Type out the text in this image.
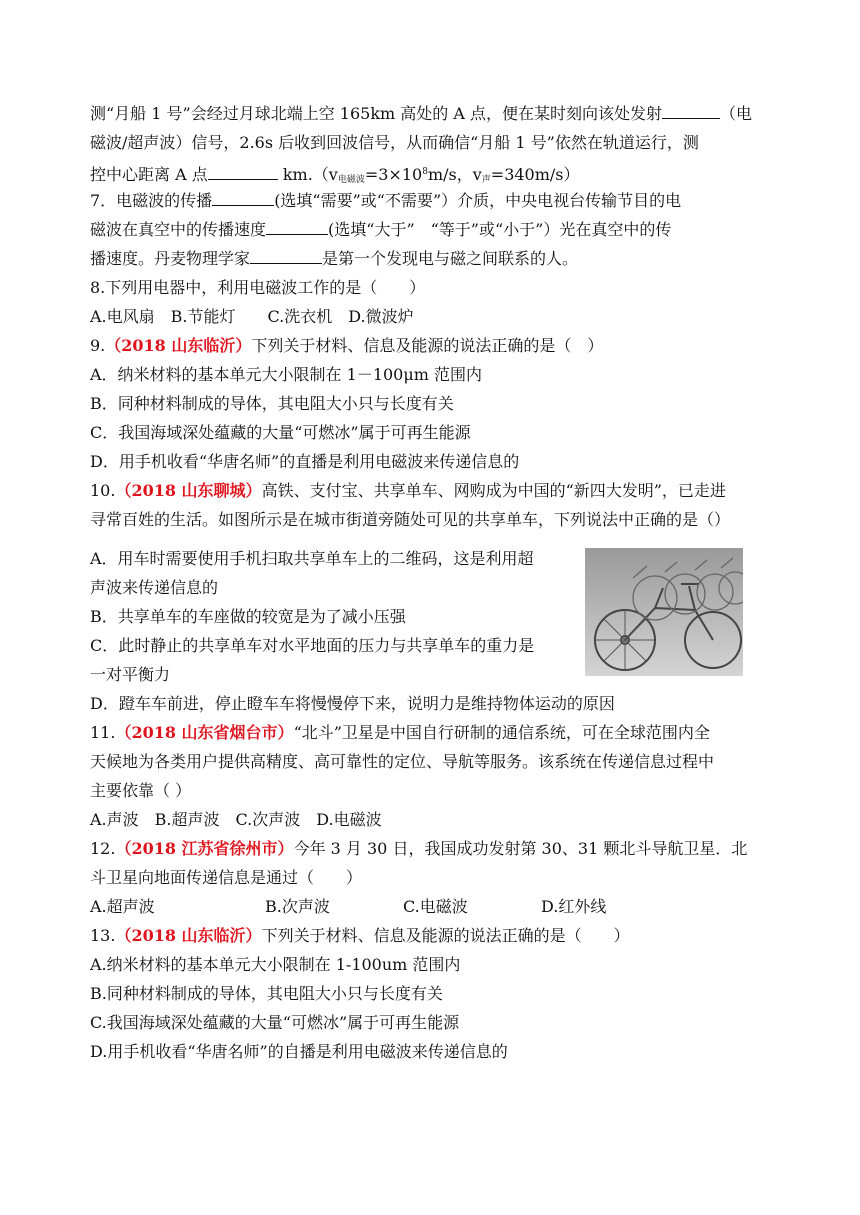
测“月船 1 号”会经过月球北端上空 165km 高处的 A 点，便在某时刻向该处发射	（电
磁波/超声波）信号，2.6s 后收到回波信号，从而确信“月船 1 号”依然在轨道运行，测
控中心距离 A 点	$km.(v_{电磁波}=3\times 10^8m/s$，$v_声=340m/s$）
7．电磁波的传播	(选填“需要”或“不需要”）介质，中央电视台传输节目的电
磁波在真空中的传播速度	(选填“大于”　“等于”或“小于”）光在真空中的传
播速度。丹麦物理学家	是第一个发现电与磁之间联系的人。
8.下列用电器中，利用电磁波工作的是（　　）
A.电风扇　B.节能灯　　C.洗衣机　D.微波炉
9.（2018 山东临沂）下列关于材料、信息及能源的说法正确的是（　）
A．纳米材料的基本单元大小限制在 1－100μm 范围内
B．同种材料制成的导体，其电阻大小只与长度有关
C．我国海域深处蕴藏的大量“可燃冰”属于可再生能源
D．用手机收看“华唐名师”的直播是利用电磁波来传递信息的
10.（2018 山东聊城）高铁、支付宝、共享单车、网购成为中国的“新四大发明”，已走进
寻常百姓的生活。如图所示是在城市街道旁随处可见的共享单车，下列说法中正确的是（）
A．用车时需要使用手机扫取共享单车上的二维码，这是利用超
声波来传递信息的
B．共享单车的车座做的较宽是为了减小压强
C．此时静止的共享单车对水平地面的压力与共享单车的重力是
一对平衡力
D．蹬车车前进，停止瞪车车将慢慢停下来，说明力是维持物体运动的原因
11.（2018 山东省烟台市）“北斗”卫星是中国自行研制的通信系统，可在全球范围内全
天候地为各类用户提供高精度、高可靠性的定位、导航等服务。该系统在传递信息过程中
主要依靠（ ）
A.声波　B.超声波　C.次声波　D.电磁波
12.（2018 江苏省徐州市）今年 3 月 30 日，我国成功发射第 30、31 颗北斗导航卫星．北
斗卫星向地面传递信息是通过（　　）
A.超声波	B.次声波	C.电磁波	D.红外线
13.（2018 山东临沂）下列关于材料、信息及能源的说法正确的是（　　）
A.纳米材料的基本单元大小限制在 1-100um 范围内
B.同种材料制成的导体，其电阻大小只与长度有关
C.我国海域深处蕴藏的大量“可燃冰”属于可再生能源
D.用手机收看“华唐名师”的自播是利用电磁波来传递信息的
